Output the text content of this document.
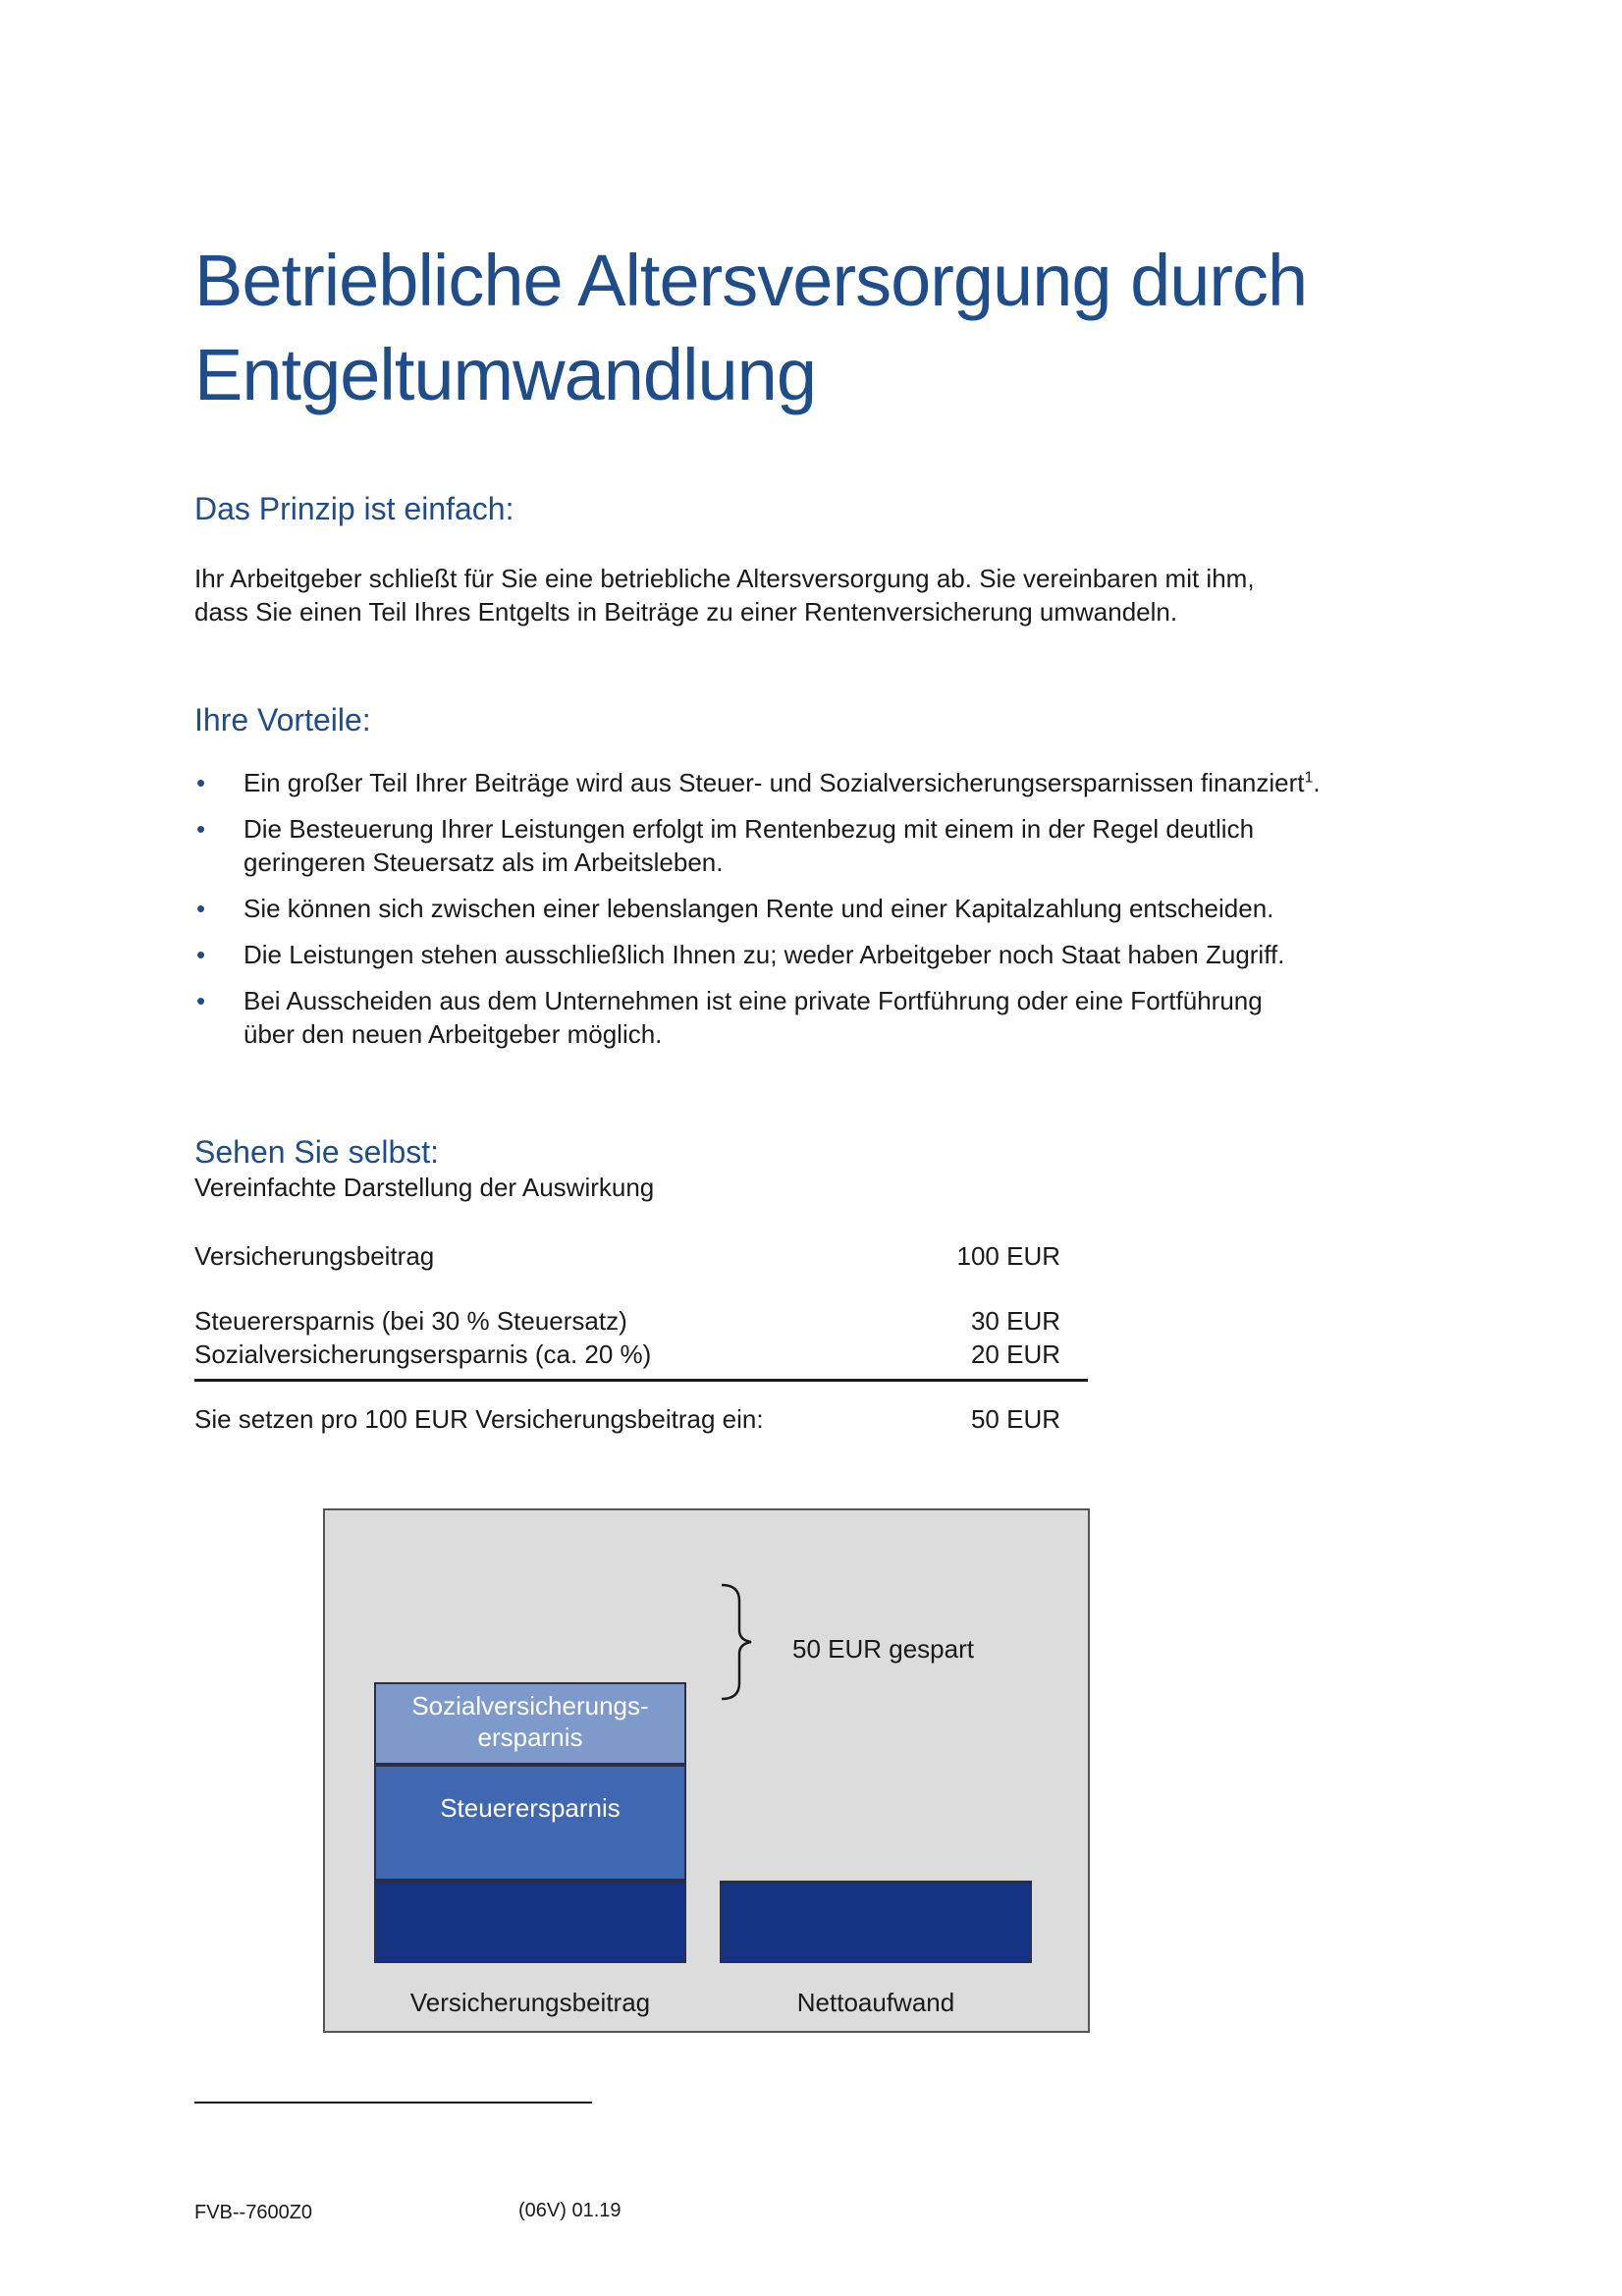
Betriebliche Altersversorgung durch
Entgeltumwandlung
Das Prinzip ist einfach:
Ihr Arbeitgeber schließt für Sie eine betriebliche Altersversorgung ab. Sie vereinbaren mit ihm,
dass Sie einen Teil Ihres Entgelts in Beiträge zu einer Rentenversicherung umwandeln.
Ihre Vorteile:
• Ein großer Teil Ihrer Beiträge wird aus Steuer- und Sozialversicherungsersparnissen finanziert$^1$.
• Die Besteuerung Ihrer Leistungen erfolgt im Rentenbezug mit einem in der Regel deutlich
geringeren Steuersatz als im Arbeitsleben.
• Sie können sich zwischen einer lebenslangen Rente und einer Kapitalzahlung entscheiden.
• Die Leistungen stehen ausschließlich Ihnen zu; weder Arbeitgeber noch Staat haben Zugriff.
• Bei Ausscheiden aus dem Unternehmen ist eine private Fortführung oder eine Fortführung
über den neuen Arbeitgeber möglich.
Sehen Sie selbst:
Vereinfachte Darstellung der Auswirkung
Versicherungsbeitrag	100 EUR
Steuerersparnis (bei 30 % Steuersatz)	30 EUR
Sozialversicherungsersparnis (ca. 20 %)	20 EUR
Sie setzen pro 100 EUR Versicherungsbeitrag ein:	50 EUR
Sozialversicherungs-
ersparnis
Steuerersparnis
50 EUR gespart
Versicherungsbeitrag	Nettoaufwand
FVB--7600Z0	(06V) 01.19
